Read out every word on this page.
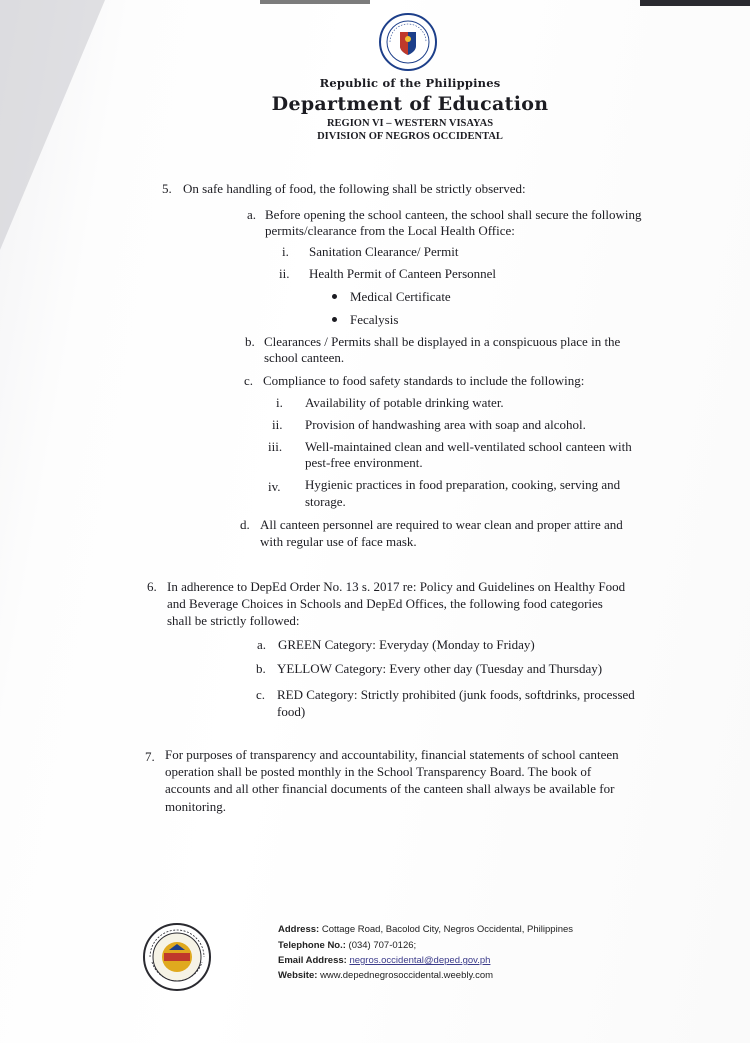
Republic of the Philippines
Department of Education
REGION VI – WESTERN VISAYAS
DIVISION OF NEGROS OCCIDENTAL
5. On safe handling of food, the following shall be strictly observed:
a. Before opening the school canteen, the school shall secure the following
permits/clearance from the Local Health Office:
i. Sanitation Clearance/ Permit
ii. Health Permit of Canteen Personnel
Medical Certificate
Fecalysis
b. Clearances / Permits shall be displayed in a conspicuous place in the
school canteen.
c. Compliance to food safety standards to include the following:
i. Availability of potable drinking water.
ii. Provision of handwashing area with soap and alcohol.
iii. Well-maintained clean and well-ventilated school canteen with
pest-free environment.
iv. Hygienic practices in food preparation, cooking, serving and
storage.
d. All canteen personnel are required to wear clean and proper attire and
with regular use of face mask.
6. In adherence to DepEd Order No. 13 s. 2017 re: Policy and Guidelines on Healthy Food
and Beverage Choices in Schools and DepEd Offices, the following food categories
shall be strictly followed:
a. GREEN Category: Everyday (Monday to Friday)
b. YELLOW Category: Every other day (Tuesday and Thursday)
c. RED Category: Strictly prohibited (junk foods, softdrinks, processed
food)
7. For purposes of transparency and accountability, financial statements of school canteen
operation shall be posted monthly in the School Transparency Board. The book of
accounts and all other financial documents of the canteen shall always be available for
monitoring.
Address: Cottage Road, Bacolod City, Negros Occidental, Philippines
Telephone No.: (034) 707-0126;
Email Address: negros.occidental@deped.gov.ph
Website: www.depednegrosoccidental.weebly.com
